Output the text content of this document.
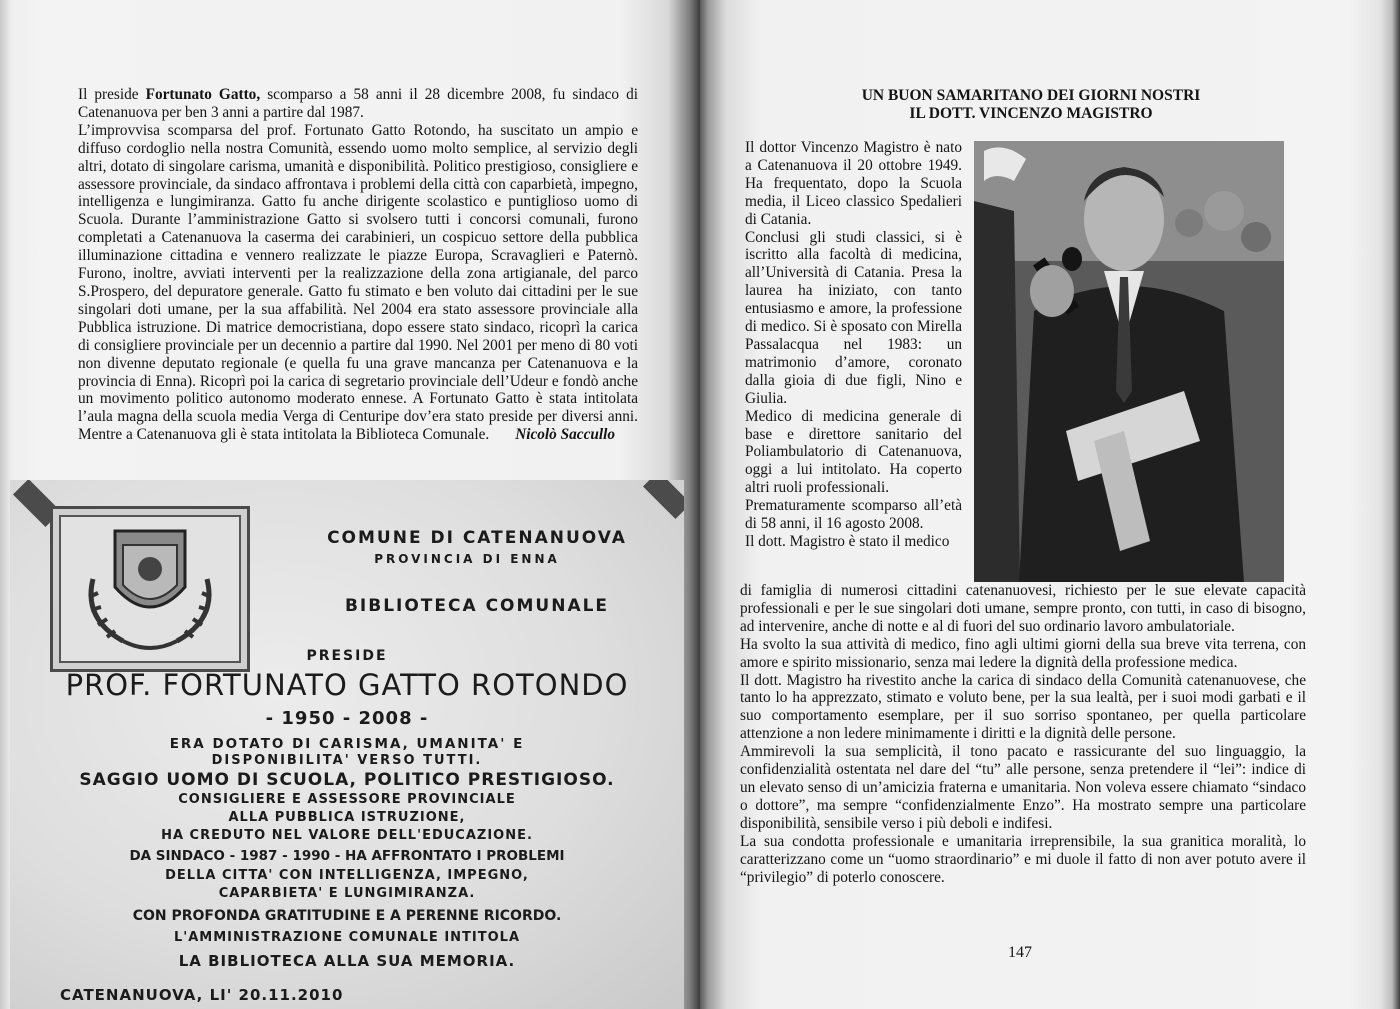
Il preside Fortunato Gatto, scomparso a 58 anni il 28 dicembre 2008, fu sindaco di Catenanuova per ben 3 anni a partire dal 1987.

L’improvvisa scomparsa del prof. Fortunato Gatto Rotondo, ha suscitato un ampio e diffuso cordoglio nella nostra Comunità, essendo uomo molto semplice, al servizio degli altri, dotato di singolare carisma, umanità e disponibilità. Politico prestigioso, consigliere e assessore provinciale, da sindaco affrontava i problemi della città con caparbietà, impegno, intelligenza e lungimiranza. Gatto fu anche dirigente scolastico e puntiglioso uomo di Scuola. Durante l’amministrazione Gatto si svolsero tutti i concorsi comunali, furono completati a Catenanuova la caserma dei carabinieri, un cospicuo settore della pubblica illuminazione cittadina e vennero realizzate le piazze Europa, Scravaglieri e Paternò. Furono, inoltre, avviati interventi per la realizzazione della zona artigianale, del parco S.Prospero, del depuratore generale. Gatto fu stimato e ben voluto dai cittadini per le sue singolari doti umane, per la sua affabilità. Nel 2004 era stato assessore provinciale alla Pubblica istruzione. Di matrice democristiana, dopo essere stato sindaco, ricoprì la carica di consigliere provinciale per un decennio a partire dal 1990. Nel 2001 per meno di 80 voti non divenne deputato regionale (e quella fu una grave mancanza per Catenanuova e la provincia di Enna). Ricoprì poi la carica di segretario provinciale dell’Udeur e fondò anche un movimento politico autonomo moderato ennese. A Fortunato Gatto è stata intitolata l’aula magna della scuola media Verga di Centuripe dov’era stato preside per diversi anni. Mentre a Catenanuova gli è stata intitolata la Biblioteca Comunale. Nicolò Saccullo

COMUNE DI CATENANUOVA
PROVINCIA DI ENNA
BIBLIOTECA COMUNALE
PRESIDE
PROF. FORTUNATO GATTO ROTONDO
- 1950 - 2008 -
ERA DOTATO DI CARISMA, UMANITA' E
DISPONIBILITA' VERSO TUTTI.
SAGGIO UOMO DI SCUOLA, POLITICO PRESTIGIOSO.
CONSIGLIERE E ASSESSORE PROVINCIALE
ALLA PUBBLICA ISTRUZIONE,
HA CREDUTO NEL VALORE DELL'EDUCAZIONE.
DA SINDACO - 1987 - 1990 - HA AFFRONTATO I PROBLEMI
DELLA CITTA' CON INTELLIGENZA, IMPEGNO,
CAPARBIETA' E LUNGIMIRANZA.
CON PROFONDA GRATITUDINE E A PERENNE RICORDO.
L'AMMINISTRAZIONE COMUNALE INTITOLA
LA BIBLIOTECA ALLA SUA MEMORIA.
CATENANUOVA, LI' 20.11.2010
UN BUON SAMARITANO DEI GIORNI NOSTRI
IL DOTT. VINCENZO MAGISTRO

Il dottor Vincenzo Magistro è nato a Catenanuova il 20 ottobre 1949. Ha frequentato, dopo la Scuola media, il Liceo classico Spedalieri di Catania.

Conclusi gli studi classici, si è iscritto alla facoltà di medicina, all’Università di Catania. Presa la laurea ha iniziato, con tanto entusiasmo e amore, la professione di medico. Si è sposato con Mirella Passalacqua nel 1983: un matrimonio d’amore, coronato dalla gioia di due figli, Nino e Giulia.

Medico di medicina generale di base e direttore sanitario del Poliambulatorio di Catenanuova, oggi a lui intitolato. Ha coperto altri ruoli professionali.

Prematuramente scomparso all’età di 58 anni, il 16 agosto 2008.

Il dott. Magistro è stato il medico

di famiglia di numerosi cittadini catenanuovesi, richiesto per le sue elevate capacità professionali e per le sue singolari doti umane, sempre pronto, con tutti, in caso di bisogno, ad intervenire, anche di notte e al di fuori del suo ordinario lavoro ambulatoriale.

Ha svolto la sua attività di medico, fino agli ultimi giorni della sua breve vita terrena, con amore e spirito missionario, senza mai ledere la dignità della professione medica.

Il dott. Magistro ha rivestito anche la carica di sindaco della Comunità catenanuovese, che tanto lo ha apprezzato, stimato e voluto bene, per la sua lealtà, per i suoi modi garbati e il suo comportamento esemplare, per il suo sorriso spontaneo, per quella particolare attenzione a non ledere minimamente i diritti e la dignità delle persone.

Ammirevoli la sua semplicità, il tono pacato e rassicurante del suo linguaggio, la confidenzialità ostentata nel dare del “tu” alle persone, senza pretendere il “lei”: indice di un elevato senso di un’amicizia fraterna e umanitaria. Non voleva essere chiamato “sindaco o dottore”, ma sempre “confidenzialmente Enzo”. Ha mostrato sempre una particolare disponibilità, sensibile verso i più deboli e indifesi.

La sua condotta professionale e umanitaria irreprensibile, la sua granitica moralità, lo caratterizzano come un “uomo straordinario” e mi duole il fatto di non aver potuto avere il “privilegio” di poterlo conoscere.

147
